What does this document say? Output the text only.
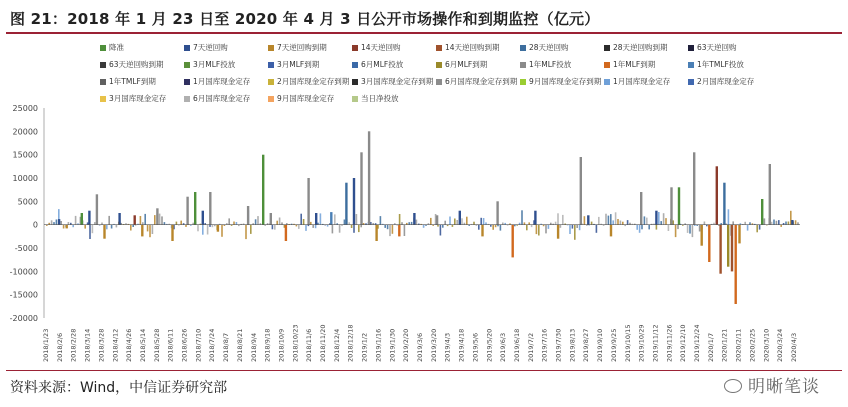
图 21：2018 年 1 月 23 日至 2020 年 4 月 3 日公开市场操作和到期监控（亿元）
降准	7天逆回购	7天逆回购到期	14天逆回购	14天逆回购到期	28天逆回购	28天逆回购到期	63天逆回购
63天逆回购到期	3月MLF投放	3月MLF到期	6月MLF投放	6月MLF到期	1年MLF投放	1年MLF到期	1年TMLF投放
1年TMLF到期	1月国库现金定存	2月国库现金定存到期 3月国库现金定存到期 6月国库现金定存到期 9月国库现金定存到期 1月国库现金定存	2月国库现金定存
3月国库现金定存	6月国库现金定存	9月国库现金定存	当日净投放
25000
20000
15000
10000
5000
0
-5000
-10000
-15000
-20000
2018/1/23 2018/2/6 2018/2/28 2018/3/14 2018/3/28 2018/4/12 2018/4/26 2018/5/14 2018/5/28 2018/6/11 2018/6/26 2018/7/10 2018/7/24 2018/8/7 2018/8/21 2018/9/4 2018/9/18 2018/10/9 2018/10/23 2018/11/6 2018/11/20 2018/12/4 2018/12/18 2019/1/2 2019/1/16 2019/1/30 2019/2/20 2019/3/6 2019/3/20 2019/4/3 2019/4/18 2019/5/6 2019/5/20 2019/6/3 2019/6/18 2019/7/2 2019/7/16 2019/7/30 2019/8/13 2019/8/27 2019/9/10 2019/9/25 2019/10/15 2019/10/29 2019/11/12 2019/11/26 2019/12/10 2019/12/24 2020/1/7 2020/1/21 2020/2/11 2020/2/25 2020/3/10 2020/3/24 2020/4/3
资料来源：Wind，中信证券研究部	明晰笔谈
